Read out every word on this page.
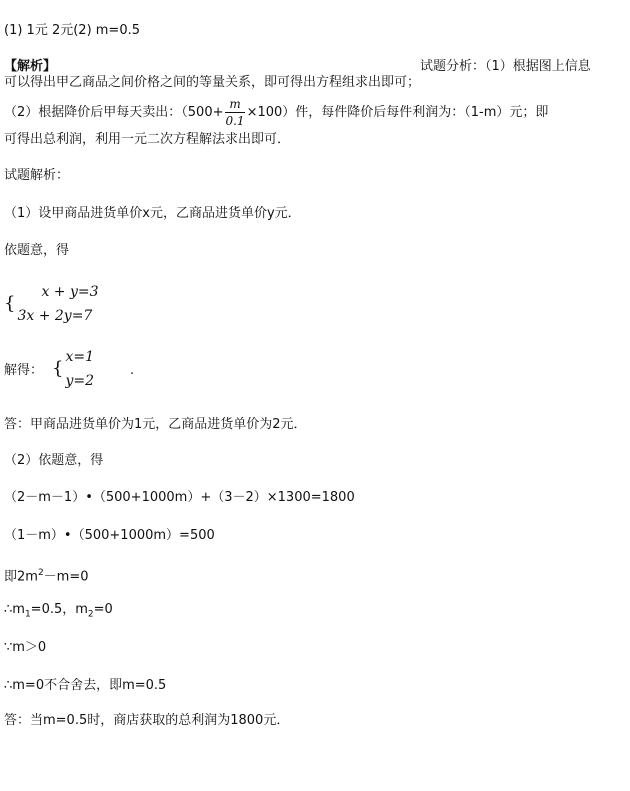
(1) 1元 2元(2) m=0.5
【解析】	试题分析：（1）根据图上信息
可以得出甲乙商品之间价格之间的等量关系，即可得出方程组求出即可；
（2）根据降价后甲每天卖出：$(500+ \frac{m}{0.1} \times 100)$件，每件降价后每件利润为：（1-m）元；即
可得出总利润，利用一元二次方程解法求出即可．
试题解析：
（1）设甲商品进货单价x元，乙商品进货单价y元．
依题意，得
{
x + y=3
3x + 2y=7
解得： {
x=1
y=2
.
答：甲商品进货单价为1元，乙商品进货单价为2元．
（2）依题意，得
（2－m－1）•（500+1000m）+（3－2）×1300=1800
（1－m）•（500+1000m）=500
即$2m^2-m=0$
$\therefore m_1=0.5$，$m_2=0$
∵m＞0
∴m=0不合舍去，即m=0.5
答：当m=0.5时，商店获取的总利润为1800元．
